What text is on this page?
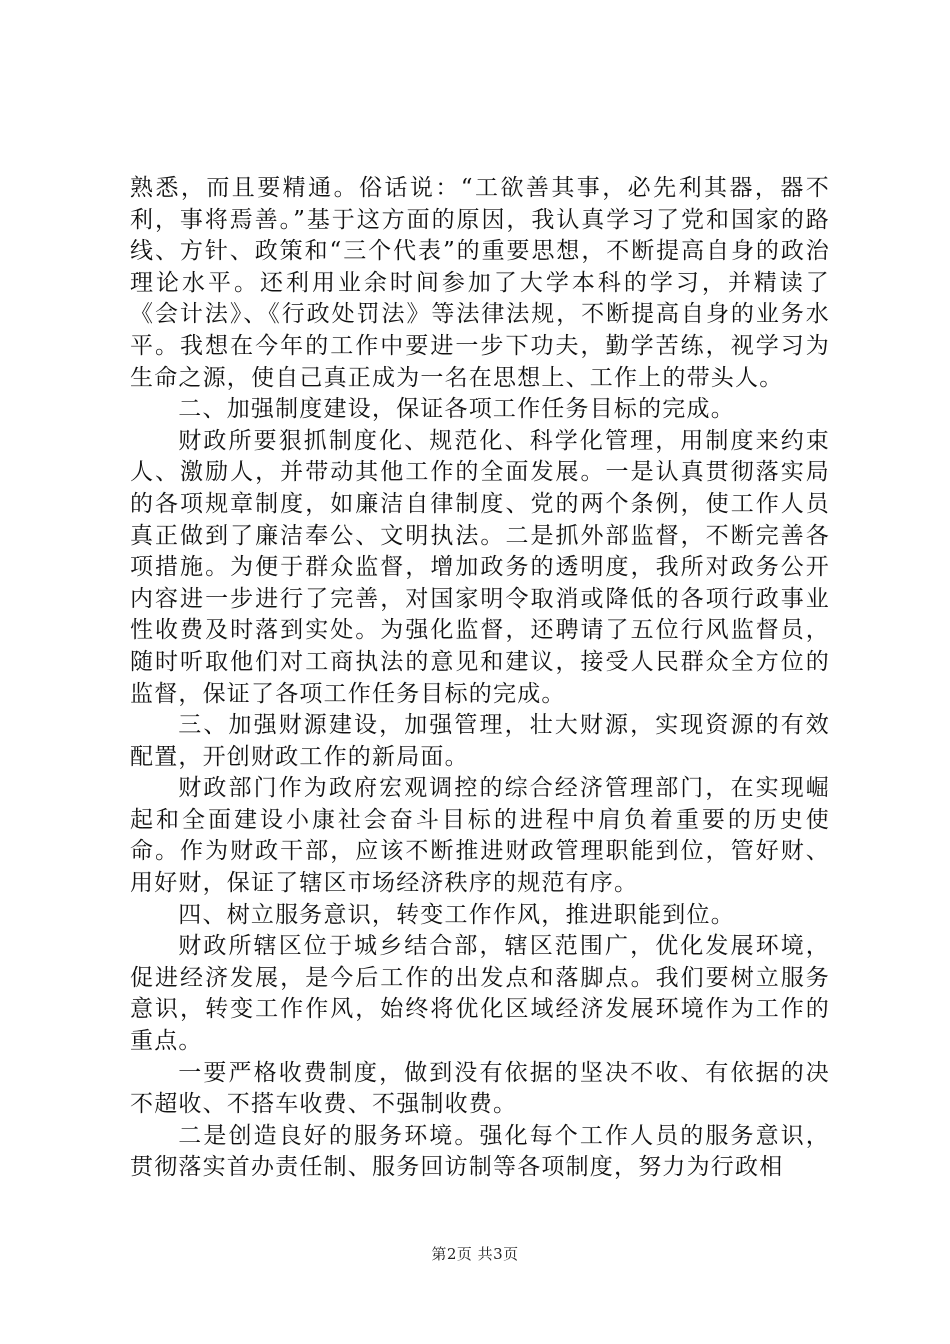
熟悉，而且要精通。俗话说：“工欲善其事，必先利其器，器不利，事将焉善。”基于这方面的原因，我认真学习了党和国家的路线、方针、政策和“三个代表”的重要思想，不断提高自身的政治理论水平。还利用业余时间参加了大学本科的学习，并精读了《会计法》、《行政处罚法》等法律法规，不断提高自身的业务水平。我想在今年的工作中要进一步下功夫，勤学苦练，视学习为生命之源，使自己真正成为一名在思想上、工作上的带头人。

二、加强制度建设，保证各项工作任务目标的完成。

财政所要狠抓制度化、规范化、科学化管理，用制度来约束人、激励人，并带动其他工作的全面发展。一是认真贯彻落实局的各项规章制度，如廉洁自律制度、党的两个条例，使工作人员真正做到了廉洁奉公、文明执法。二是抓外部监督，不断完善各项措施。为便于群众监督，增加政务的透明度，我所对政务公开内容进一步进行了完善，对国家明令取消或降低的各项行政事业性收费及时落到实处。为强化监督，还聘请了五位行风监督员，随时听取他们对工商执法的意见和建议，接受人民群众全方位的监督，保证了各项工作任务目标的完成。

三、加强财源建设，加强管理，壮大财源，实现资源的有效配置，开创财政工作的新局面。

财政部门作为政府宏观调控的综合经济管理部门，在实现崛起和全面建设小康社会奋斗目标的进程中肩负着重要的历史使命。作为财政干部，应该不断推进财政管理职能到位，管好财、用好财，保证了辖区市场经济秩序的规范有序。

四、树立服务意识，转变工作作风，推进职能到位。

财政所辖区位于城乡结合部，辖区范围广，优化发展环境，促进经济发展，是今后工作的出发点和落脚点。我们要树立服务意识，转变工作作风，始终将优化区域经济发展环境作为工作的重点。

一要严格收费制度，做到没有依据的坚决不收、有依据的决不超收、不搭车收费、不强制收费。

二是创造良好的服务环境。强化每个工作人员的服务意识，贯彻落实首办责任制、服务回访制等各项制度，努力为行政相

第2页 共3页
